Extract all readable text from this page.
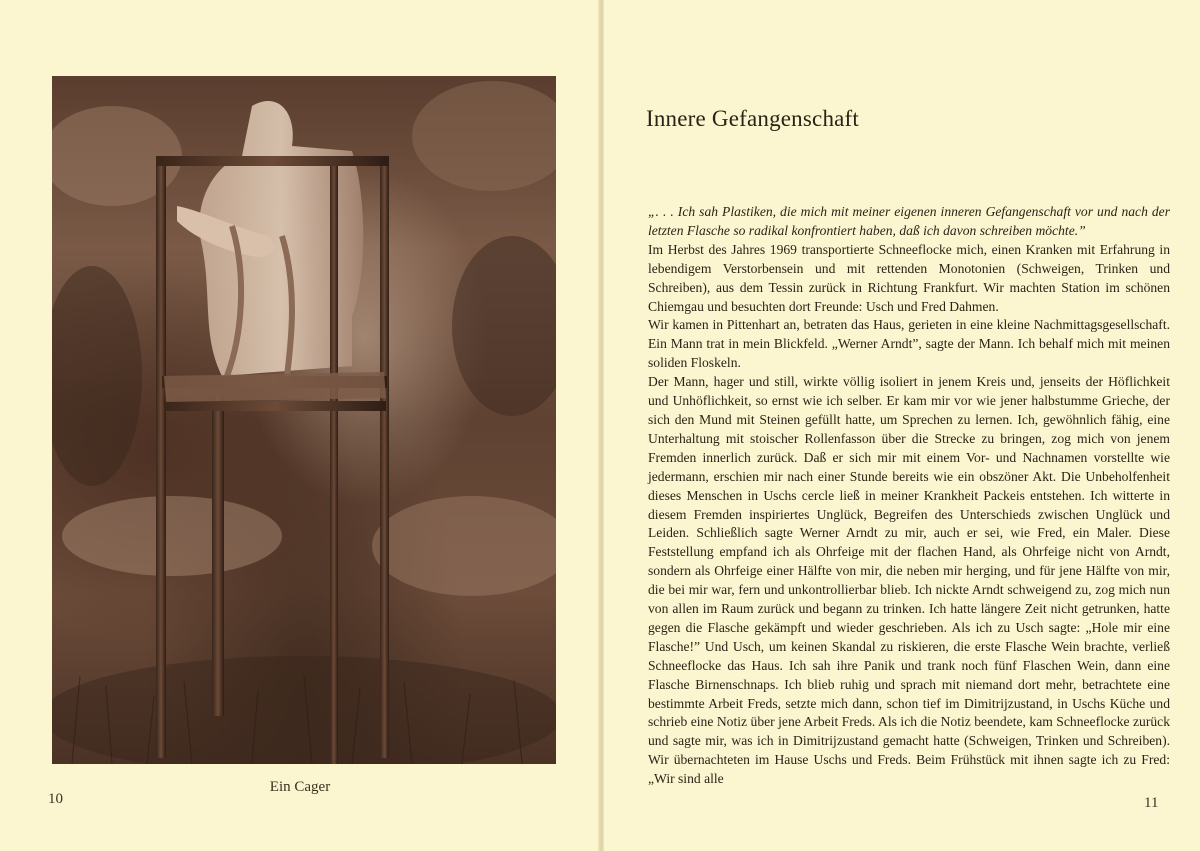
Ein Cager
10
Innere Gefangenschaft

„. . . Ich sah Plastiken, die mich mit meiner eigenen inneren Gefangenschaft vor und nach der letzten Flasche so radikal konfrontiert haben, daß ich davon schreiben möchte.”

Im Herbst des Jahres 1969 transportierte Schneeflocke mich, einen Kranken mit Erfahrung in lebendigem Verstorbensein und mit rettenden Monotonien (Schweigen, Trinken und Schreiben), aus dem Tessin zurück in Richtung Frankfurt. Wir machten Station im schönen Chiemgau und besuchten dort Freunde: Usch und Fred Dahmen.

Wir kamen in Pittenhart an, betraten das Haus, gerieten in eine kleine Nachmittagsgesellschaft. Ein Mann trat in mein Blickfeld. „Werner Arndt”, sagte der Mann. Ich behalf mich mit meinen soliden Floskeln.

Der Mann, hager und still, wirkte völlig isoliert in jenem Kreis und, jenseits der Höflichkeit und Unhöflichkeit, so ernst wie ich selber. Er kam mir vor wie jener halbstumme Grieche, der sich den Mund mit Steinen gefüllt hatte, um Sprechen zu lernen. Ich, gewöhnlich fähig, eine Unterhaltung mit stoischer Rollenfasson über die Strecke zu bringen, zog mich von jenem Fremden innerlich zurück. Daß er sich mir mit einem Vor- und Nachnamen vorstellte wie jedermann, erschien mir nach einer Stunde bereits wie ein obszöner Akt. Die Unbeholfenheit dieses Menschen in Uschs cercle ließ in meiner Krankheit Packeis entstehen. Ich witterte in diesem Fremden inspiriertes Unglück, Begreifen des Unterschieds zwischen Unglück und Leiden. Schließlich sagte Werner Arndt zu mir, auch er sei, wie Fred, ein Maler. Diese Feststellung empfand ich als Ohrfeige mit der flachen Hand, als Ohrfeige nicht von Arndt, sondern als Ohrfeige einer Hälfte von mir, die neben mir herging, und für jene Hälfte von mir, die bei mir war, fern und unkontrollierbar blieb. Ich nickte Arndt schweigend zu, zog mich nun von allen im Raum zurück und begann zu trinken. Ich hatte längere Zeit nicht getrunken, hatte gegen die Flasche gekämpft und wieder geschrieben. Als ich zu Usch sagte: „Hole mir eine Flasche!” Und Usch, um keinen Skandal zu riskieren, die erste Flasche Wein brachte, verließ Schneeflocke das Haus. Ich sah ihre Panik und trank noch fünf Flaschen Wein, dann eine Flasche Birnenschnaps. Ich blieb ruhig und sprach mit niemand dort mehr, betrachtete eine bestimmte Arbeit Freds, setzte mich dann, schon tief im Dimitrijzustand, in Uschs Küche und schrieb eine Notiz über jene Arbeit Freds. Als ich die Notiz beendete, kam Schneeflocke zurück und sagte mir, was ich in Dimitrijzustand gemacht hatte (Schweigen, Trinken und Schreiben). Wir übernachteten im Hause Uschs und Freds. Beim Frühstück mit ihnen sagte ich zu Fred: „Wir sind alle

11
